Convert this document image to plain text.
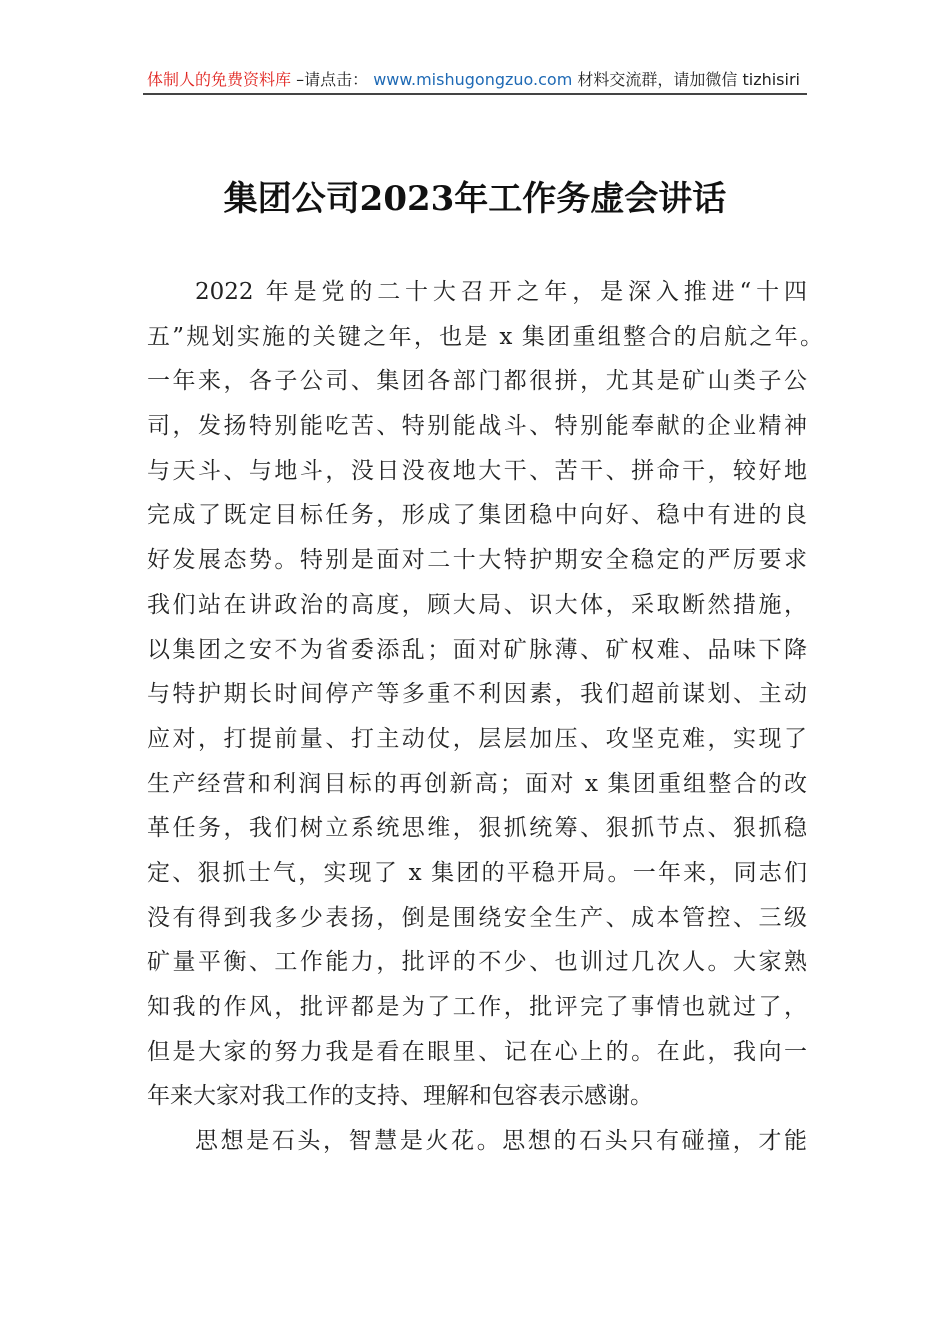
体制人的免费资料库 –请点击： www.mishugongzuo.com 材料交流群，请加微信 tizhisiri
集团公司2023年工作务虚会讲话
2022 年是党的二十大召开之年，是深入推进“十四
五”规划实施的关键之年，也是 x 集团重组整合的启航之年。
一年来，各子公司、集团各部门都很拼，尤其是矿山类子公
司，发扬特别能吃苦、特别能战斗、特别能奉献的企业精神
与天斗、与地斗，没日没夜地大干、苦干、拼命干，较好地
完成了既定目标任务，形成了集团稳中向好、稳中有进的良
好发展态势。特别是面对二十大特护期安全稳定的严厉要求
我们站在讲政治的高度，顾大局、识大体，采取断然措施，
以集团之安不为省委添乱；面对矿脉薄、矿权难、品味下降
与特护期长时间停产等多重不利因素，我们超前谋划、主动
应对，打提前量、打主动仗，层层加压、攻坚克难，实现了
生产经营和利润目标的再创新高；面对 x 集团重组整合的改
革任务，我们树立系统思维，狠抓统筹、狠抓节点、狠抓稳
定、狠抓士气，实现了 x 集团的平稳开局。一年来，同志们
没有得到我多少表扬，倒是围绕安全生产、成本管控、三级
矿量平衡、工作能力，批评的不少、也训过几次人。大家熟
知我的作风，批评都是为了工作，批评完了事情也就过了，
但是大家的努力我是看在眼里、记在心上的。在此，我向一
年来大家对我工作的支持、理解和包容表示感谢。
思想是石头，智慧是火花。思想的石头只有碰撞，才能
